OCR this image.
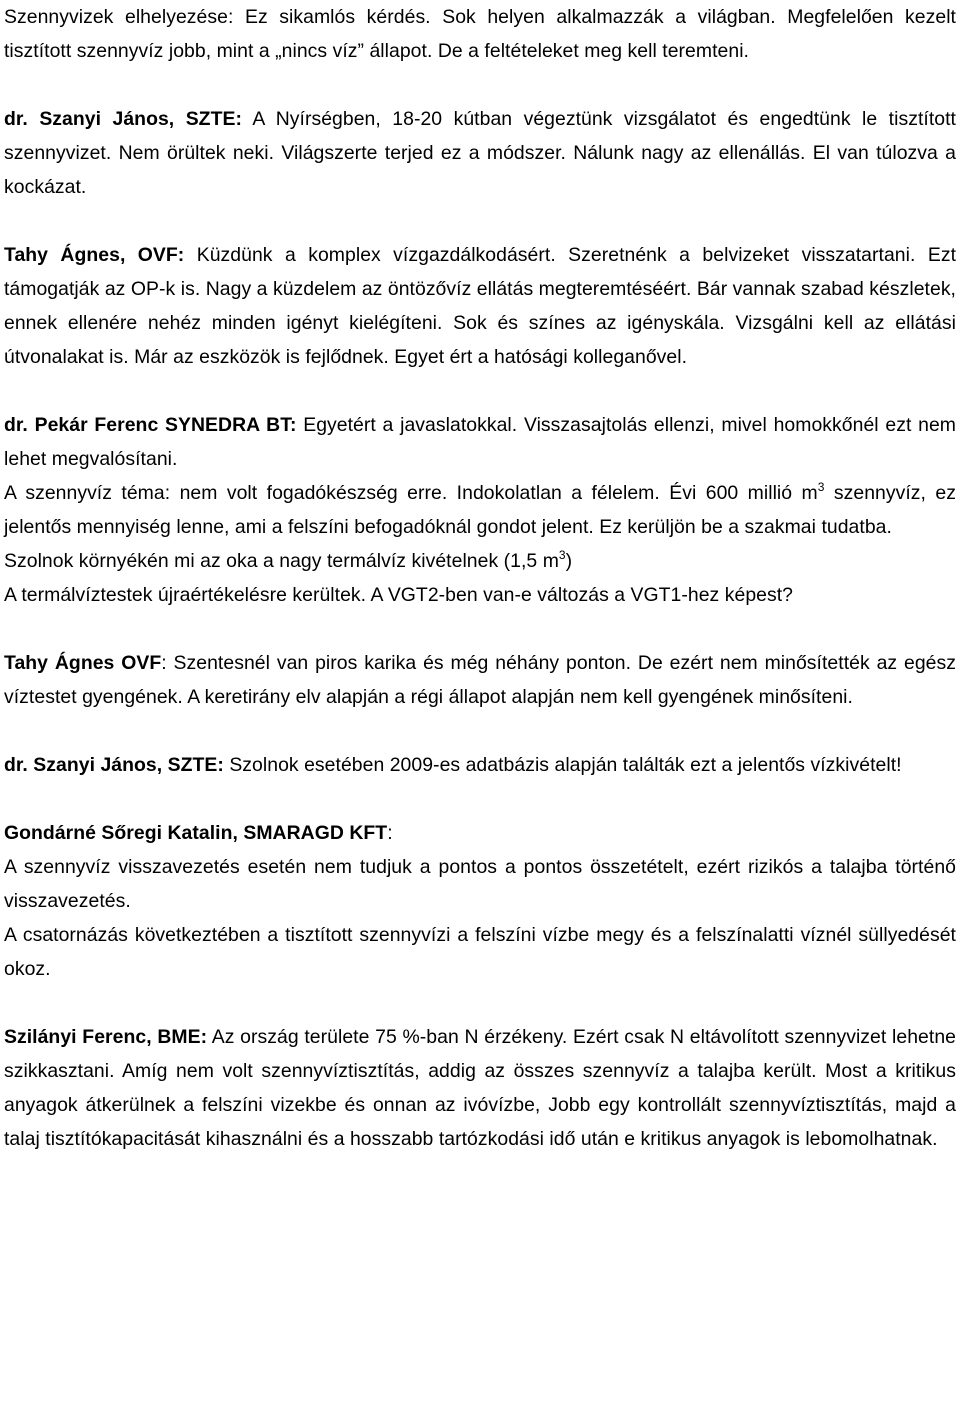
Szennyvizek elhelyezése: Ez sikamlós kérdés. Sok helyen alkalmazzák a világban. Megfelelően kezelt tisztított szennyvíz jobb, mint a „nincs víz” állapot. De a feltételeket meg kell teremteni.

dr. Szanyi János, SZTE: A Nyírségben, 18-20 kútban végeztünk vizsgálatot és engedtünk le tisztított szennyvizet. Nem örültek neki. Világszerte terjed ez a módszer. Nálunk nagy az ellenállás. El van túlozva a kockázat.

Tahy Ágnes, OVF: Küzdünk a komplex vízgazdálkodásért. Szeretnénk a belvizeket visszatartani. Ezt támogatják az OP-k is. Nagy a küzdelem az öntözővíz ellátás megteremtéséért. Bár vannak szabad készletek, ennek ellenére nehéz minden igényt kielégíteni. Sok és színes az igényskála. Vizsgálni kell az ellátási útvonalakat is. Már az eszközök is fejlődnek. Egyet ért a hatósági kolleganővel.

dr. Pekár Ferenc SYNEDRA BT: Egyetért a javaslatokkal. Visszasajtolás ellenzi, mivel homokkőnél ezt nem lehet megvalósítani.

A szennyvíz téma: nem volt fogadókészség erre. Indokolatlan a félelem. Évi 600 millió $m^3$ szennyvíz, ez jelentős mennyiség lenne, ami a felszíni befogadóknál gondot jelent. Ez kerüljön be a szakmai tudatba.

Szolnok környékén mi az oka a nagy termálvíz kivételnek (1,5 $m^3$)

A termálvíztestek újraértékelésre kerültek. A VGT2-ben van-e változás a VGT1-hez képest?

Tahy Ágnes OVF: Szentesnél van piros karika és még néhány ponton. De ezért nem minősítették az egész víztestet gyengének. A keretirány elv alapján a régi állapot alapján nem kell gyengének minősíteni.

dr. Szanyi János, SZTE: Szolnok esetében 2009-es adatbázis alapján találták ezt a jelentős vízkivételt!

Gondárné Sőregi Katalin, SMARAGD KFT:

A szennyvíz visszavezetés esetén nem tudjuk a pontos a pontos összetételt, ezért rizikós a talajba történő visszavezetés.

A csatornázás következtében a tisztított szennyvízi a felszíni vízbe megy és a felszínalatti víznél süllyedését okoz.

Szilányi Ferenc, BME: Az ország területe 75 %-ban N érzékeny. Ezért csak N eltávolított szennyvizet lehetne szikkasztani. Amíg nem volt szennyvíztisztítás, addig az összes szennyvíz a talajba került. Most a kritikus anyagok átkerülnek a felszíni vizekbe és onnan az ivóvízbe, Jobb egy kontrollált szennyvíztisztítás, majd a talaj tisztítókapacitását kihasználni és a hosszabb tartózkodási idő után e kritikus anyagok is lebomolhatnak.
